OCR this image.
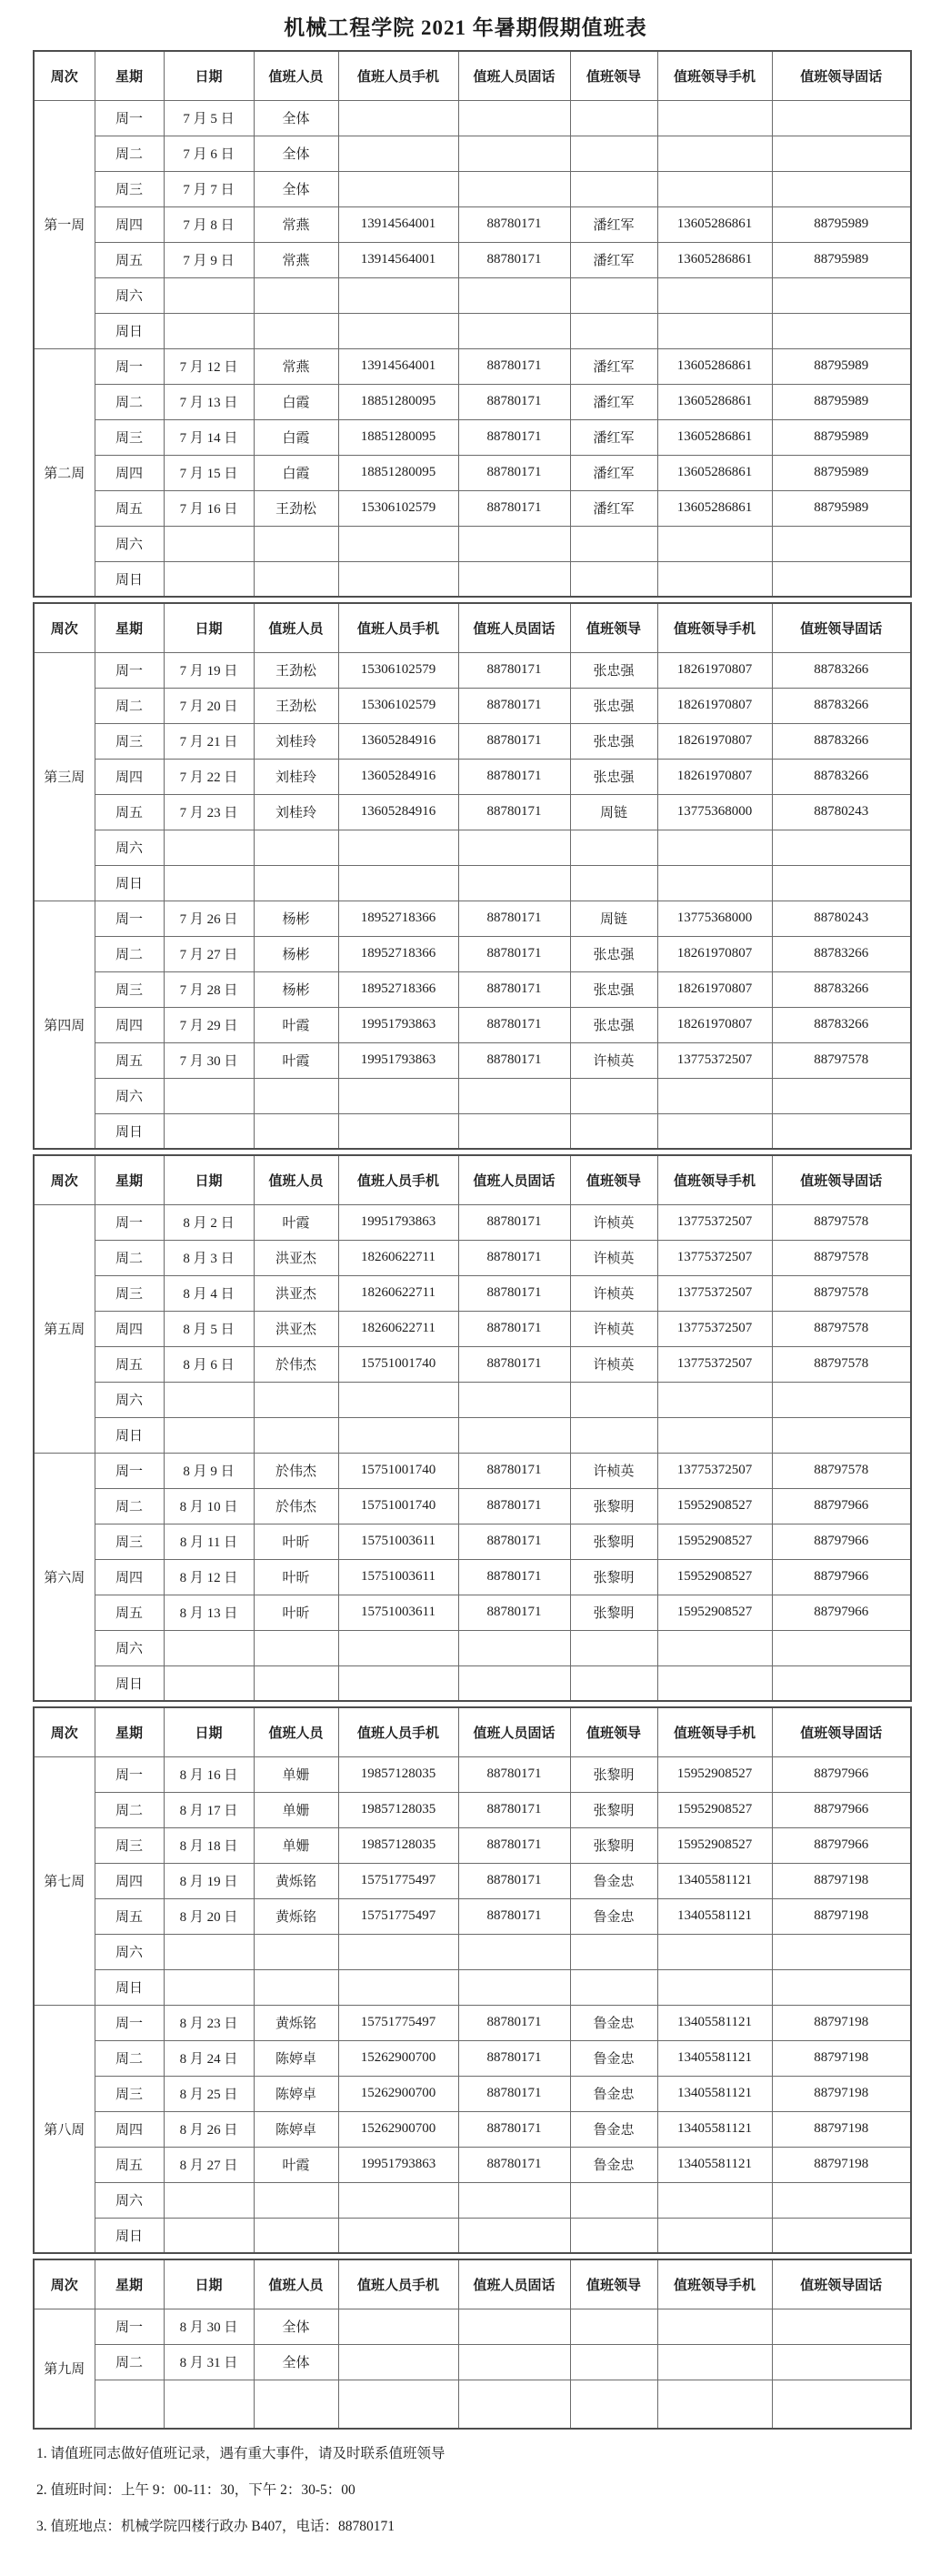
机械工程学院 2021 年暑期假期值班表
周次	星期	日期	值班人员	值班人员手机	值班人员固话	值班领导	值班领导手机	值班领导固话
第一周	周一	7 月 5 日	全体					
	周二	7 月 6 日	全体					
	周三	7 月 7 日	全体					
	周四	7 月 8 日	常燕	13914564001	88780171	潘红军	13605286861	88795989
	周五	7 月 9 日	常燕	13914564001	88780171	潘红军	13605286861	88795989
	周六							
	周日							
第二周	周一	7 月 12 日	常燕	13914564001	88780171	潘红军	13605286861	88795989
	周二	7 月 13 日	白霞	18851280095	88780171	潘红军	13605286861	88795989
	周三	7 月 14 日	白霞	18851280095	88780171	潘红军	13605286861	88795989
	周四	7 月 15 日	白霞	18851280095	88780171	潘红军	13605286861	88795989
	周五	7 月 16 日	王劲松	15306102579	88780171	潘红军	13605286861	88795989
	周六							
	周日							
周次	星期	日期	值班人员	值班人员手机	值班人员固话	值班领导	值班领导手机	值班领导固话
第三周	周一	7 月 19 日	王劲松	15306102579	88780171	张忠强	18261970807	88783266
	周二	7 月 20 日	王劲松	15306102579	88780171	张忠强	18261970807	88783266
	周三	7 月 21 日	刘桂玲	13605284916	88780171	张忠强	18261970807	88783266
	周四	7 月 22 日	刘桂玲	13605284916	88780171	张忠强	18261970807	88783266
	周五	7 月 23 日	刘桂玲	13605284916	88780171	周链	13775368000	88780243
	周六							
	周日							
第四周	周一	7 月 26 日	杨彬	18952718366	88780171	周链	13775368000	88780243
	周二	7 月 27 日	杨彬	18952718366	88780171	张忠强	18261970807	88783266
	周三	7 月 28 日	杨彬	18952718366	88780171	张忠强	18261970807	88783266
	周四	7 月 29 日	叶霞	19951793863	88780171	张忠强	18261970807	88783266
	周五	7 月 30 日	叶霞	19951793863	88780171	许桢英	13775372507	88797578
	周六							
	周日							
周次	星期	日期	值班人员	值班人员手机	值班人员固话	值班领导	值班领导手机	值班领导固话
第五周	周一	8 月 2 日	叶霞	19951793863	88780171	许桢英	13775372507	88797578
	周二	8 月 3 日	洪亚杰	18260622711	88780171	许桢英	13775372507	88797578
	周三	8 月 4 日	洪亚杰	18260622711	88780171	许桢英	13775372507	88797578
	周四	8 月 5 日	洪亚杰	18260622711	88780171	许桢英	13775372507	88797578
	周五	8 月 6 日	於伟杰	15751001740	88780171	许桢英	13775372507	88797578
	周六							
	周日							
第六周	周一	8 月 9 日	於伟杰	15751001740	88780171	许桢英	13775372507	88797578
	周二	8 月 10 日	於伟杰	15751001740	88780171	张黎明	15952908527	88797966
	周三	8 月 11 日	叶昕	15751003611	88780171	张黎明	15952908527	88797966
	周四	8 月 12 日	叶昕	15751003611	88780171	张黎明	15952908527	88797966
	周五	8 月 13 日	叶昕	15751003611	88780171	张黎明	15952908527	88797966
	周六							
	周日							
周次	星期	日期	值班人员	值班人员手机	值班人员固话	值班领导	值班领导手机	值班领导固话
第七周	周一	8 月 16 日	单姗	19857128035	88780171	张黎明	15952908527	88797966
	周二	8 月 17 日	单姗	19857128035	88780171	张黎明	15952908527	88797966
	周三	8 月 18 日	单姗	19857128035	88780171	张黎明	15952908527	88797966
	周四	8 月 19 日	黄烁铭	15751775497	88780171	鲁金忠	13405581121	88797198
	周五	8 月 20 日	黄烁铭	15751775497	88780171	鲁金忠	13405581121	88797198
	周六							
	周日							
第八周	周一	8 月 23 日	黄烁铭	15751775497	88780171	鲁金忠	13405581121	88797198
	周二	8 月 24 日	陈婷卓	15262900700	88780171	鲁金忠	13405581121	88797198
	周三	8 月 25 日	陈婷卓	15262900700	88780171	鲁金忠	13405581121	88797198
	周四	8 月 26 日	陈婷卓	15262900700	88780171	鲁金忠	13405581121	88797198
	周五	8 月 27 日	叶霞	19951793863	88780171	鲁金忠	13405581121	88797198
	周六							
	周日							
周次	星期	日期	值班人员	值班人员手机	值班人员固话	值班领导	值班领导手机	值班领导固话
第九周	周一	8 月 30 日	全体					
	周二	8 月 31 日	全体					

1. 请值班同志做好值班记录，遇有重大事件，请及时联系值班领导
2. 值班时间：上午 9：00-11：30，下午 2：30-5：00
3. 值班地点：机械学院四楼行政办 B407，电话：88780171
